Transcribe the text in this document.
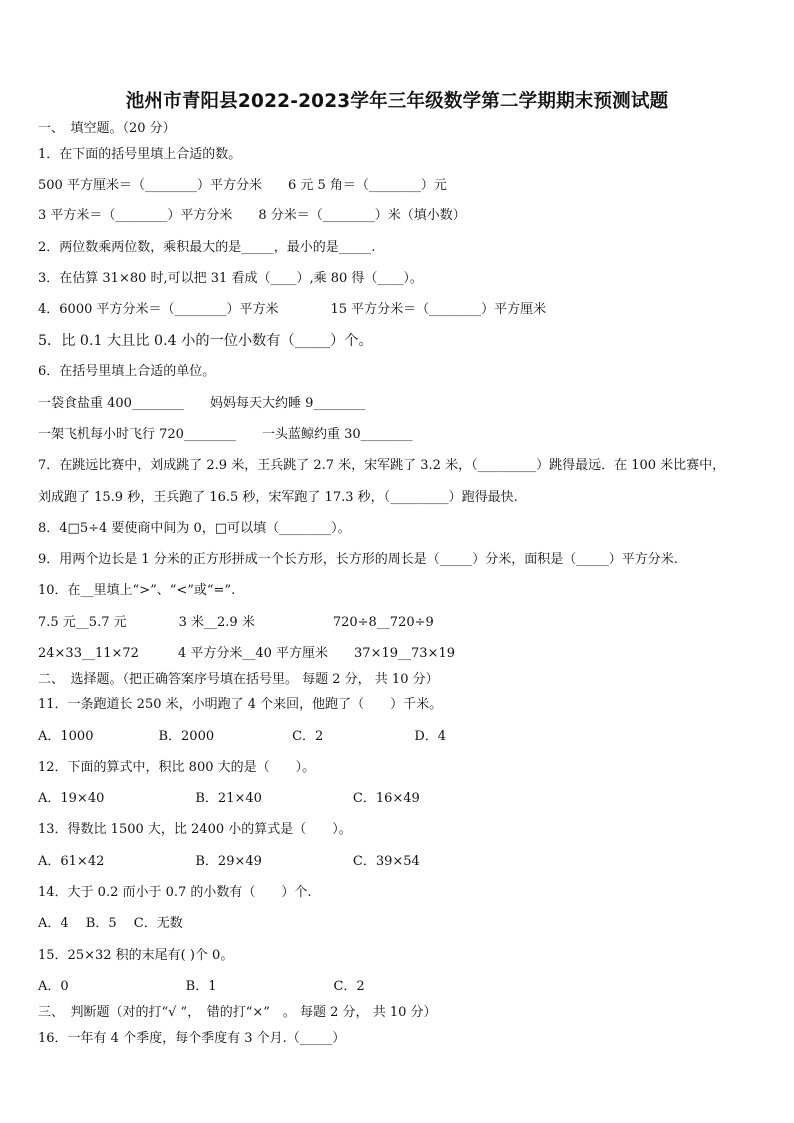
池州市青阳县2022-2023学年三年级数学第二学期期末预测试题
一、　填空题。（20 分）
1．在下面的括号里填上合适的数。
500 平方厘米＝（________）平方分米　　6 元 5 角＝（________）元
3 平方米＝（________）平方分米　　8 分米＝（________）米（填小数）
2．两位数乘两位数，乘积最大的是_____，最小的是_____.
3．在估算 31×80 时,可以把 31 看成（____）,乘 80 得（____）。
4．6000 平方分米＝（________）平方米　　　　15 平方分米＝（________）平方厘米
5．比 0.1 大且比 0.4 小的一位小数有（_____）个。
6．在括号里填上合适的单位。
一袋食盐重 400________　　妈妈每天大约睡 9________
一架飞机每小时飞行 720________　　一头蓝鲸约重 30________
7．在跳远比赛中，刘成跳了 2.9 米，王兵跳了 2.7 米，宋军跳了 3.2 米，（_________）跳得最远．在 100 米比赛中，
刘成跑了 15.9 秒，王兵跑了 16.5 秒，宋军跑了 17.3 秒，（_________）跑得最快.
8．4□5÷4 要使商中间为 0，□可以填（________）。
9．用两个边长是 1 分米的正方形拼成一个长方形，长方形的周长是（_____）分米，面积是（_____）平方分米.
10．在__里填上“>”、“<”或“=”.
7.5 元__5.7 元　　　　3 米__2.9 米　　　　　　720÷8__720÷9
24×33__11×72　　　4 平方分米__40 平方厘米　　37×19__73×19
二、　选择题。（把正确答案序号填在括号里。 每题 2 分， 共 10 分）
11．一条跑道长 250 米，小明跑了 4 个来回，他跑了（　　）千米。
A．1000　　　　　B．2000　　　　　　C．2　　　　　　　D．4
12．下面的算式中，积比 800 大的是（　　）。
A．19×40　　　　　　　B．21×40　　　　　　　C．16×49
13．得数比 1500 大，比 2400 小的算式是（　　）。
A．61×42　　　　　　　B．29×49　　　　　　　C．39×54
14．大于 0.2 而小于 0.7 的小数有（　　）个.
A．4　 B．5　 C．无数
15．25×32 积的末尾有( )个 0。
A．0　　　　　　　　　B．1　　　　　　　　　C．2
三、　判断题（对的打“√ ”，　错的打“×”　。 每题 2 分， 共 10 分）
16．一年有 4 个季度，每个季度有 3 个月.（_____）
